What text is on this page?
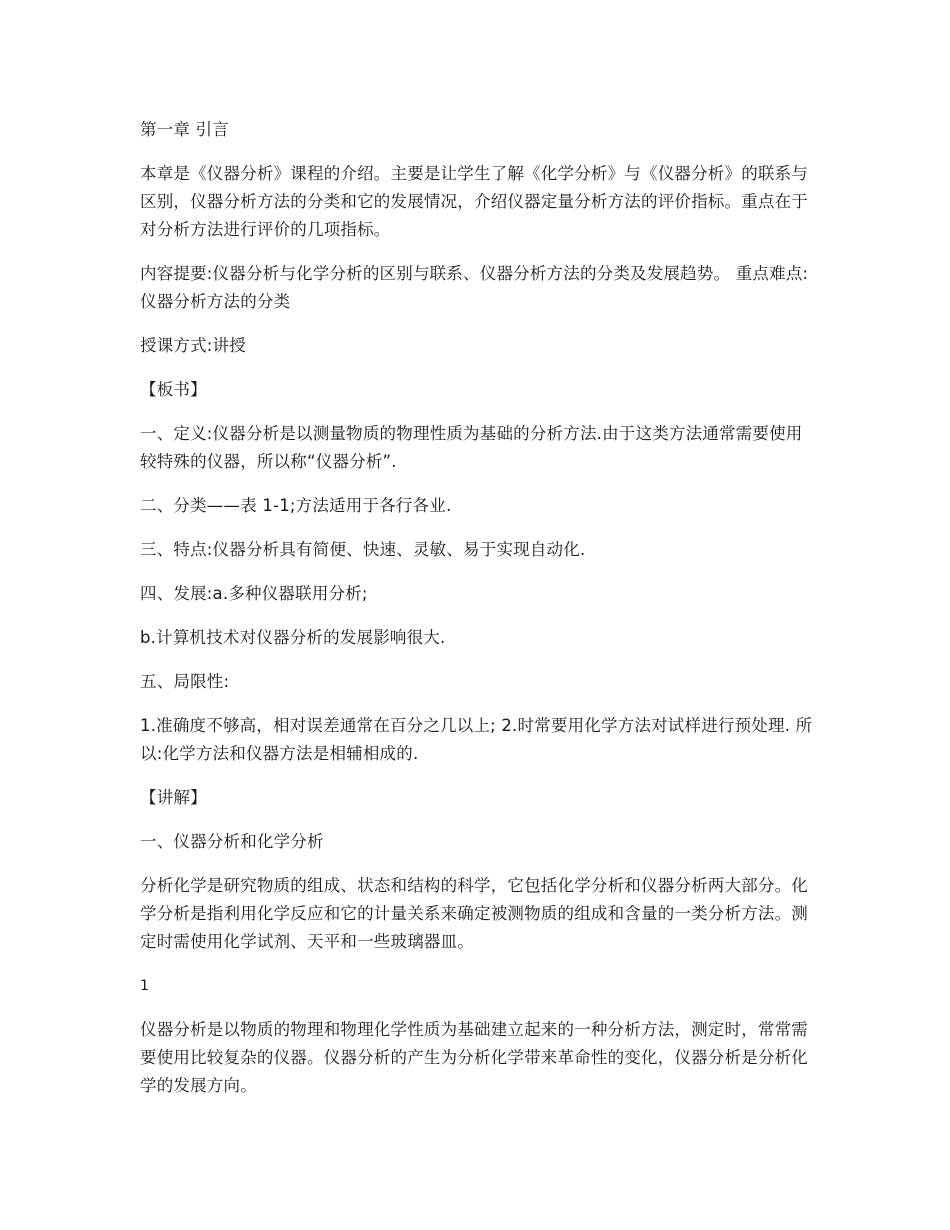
第一章 引言

本章是《仪器分析》课程的介绍。主要是让学生了解《化学分析》与《仪器分析》的联系与区别，仪器分析方法的分类和它的发展情况，介绍仪器定量分析方法的评价指标。重点在于对分析方法进行评价的几项指标。

内容提要:仪器分析与化学分析的区别与联系、仪器分析方法的分类及发展趋势。 重点难点:仪器分析方法的分类

授课方式:讲授

【板书】

一、定义:仪器分析是以测量物质的物理性质为基础的分析方法.由于这类方法通常需要使用较特殊的仪器，所以称“仪器分析”.

二、分类——表 1-1;方法适用于各行各业.

三、特点:仪器分析具有简便、快速、灵敏、易于实现自动化.

四、发展:a.多种仪器联用分析;

b.计算机技术对仪器分析的发展影响很大.

五、局限性:

1.准确度不够高，相对误差通常在百分之几以上; 2.时常要用化学方法对试样进行预处理. 所以:化学方法和仪器方法是相辅相成的.

【讲解】

一、仪器分析和化学分析

分析化学是研究物质的组成、状态和结构的科学，它包括化学分析和仪器分析两大部分。化学分析是指利用化学反应和它的计量关系来确定被测物质的组成和含量的一类分析方法。测定时需使用化学试剂、天平和一些玻璃器皿。

1

仪器分析是以物质的物理和物理化学性质为基础建立起来的一种分析方法，测定时，常常需要使用比较复杂的仪器。仪器分析的产生为分析化学带来革命性的变化，仪器分析是分析化学的发展方向。
